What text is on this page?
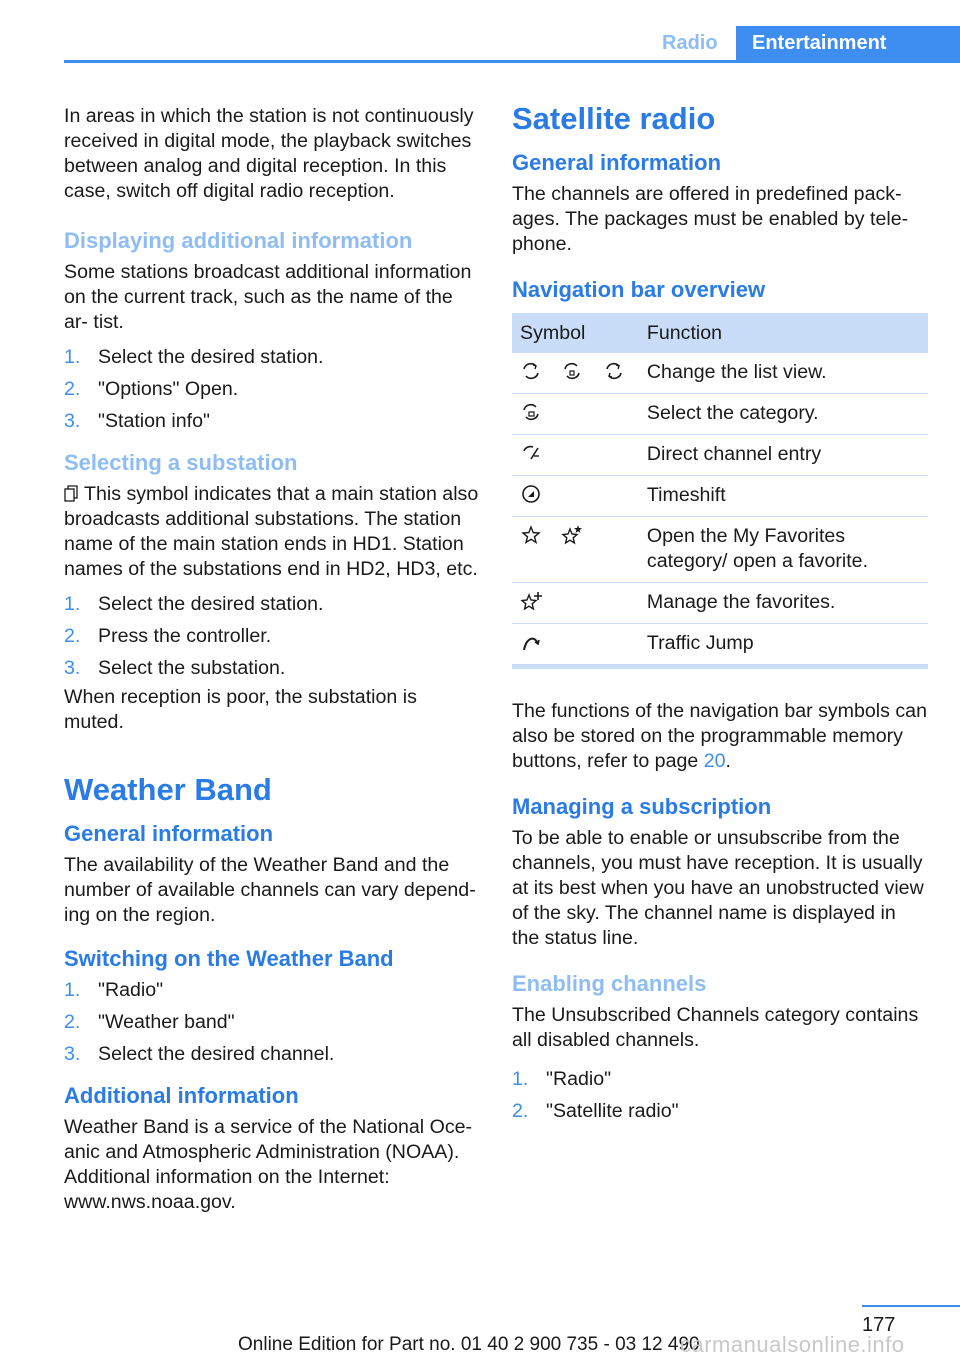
Radio	Entertainment

In areas in which the station is not continuously received in digital mode, the playback switches between analog and digital reception. In this case, switch off digital radio reception.

Displaying additional information

Some stations broadcast additional information on the current track, such as the name of the ar‐ tist.

1. Select the desired station.
2. "Options" Open.
3. "Station info"
Selecting a substation

This symbol indicates that a main station also broadcasts additional substations. The station name of the main station ends in HD1. Station names of the substations end in HD2, HD3, etc.

1. Select the desired station.
2. Press the controller.
3. Select the substation.

When reception is poor, the substation is muted.

Weather Band
General information

The availability of the Weather Band and the number of available channels can vary depend‐ ing on the region.

Switching on the Weather Band
1. "Radio"
2. "Weather band"
3. Select the desired channel.
Additional information

Weather Band is a service of the National Oce‐ anic and Atmospheric Administration (NOAA). Additional information on the Internet: www.nws.noaa.gov.

Satellite radio
General information

The channels are offered in predefined pack‐ ages. The packages must be enabled by tele‐ phone.

Navigation bar overview
Symbol	Function
	Change the list view.
	Select the category.
	Direct channel entry
	Timeshift
	Open the My Favorites category/ open a favorite.
	Manage the favorites.
	Traffic Jump

The functions of the navigation bar symbols can also be stored on the programmable memory buttons, refer to page 20.

Managing a subscription

To be able to enable or unsubscribe from the channels, you must have reception. It is usually at its best when you have an unobstructed view of the sky. The channel name is displayed in the status line.

Enabling channels

The Unsubscribed Channels category contains all disabled channels.

1. "Radio"
2. "Satellite radio"
177
Online Edition for Part no. 01 40 2 900 735 - 03 12 490
carmanualsonline.info
